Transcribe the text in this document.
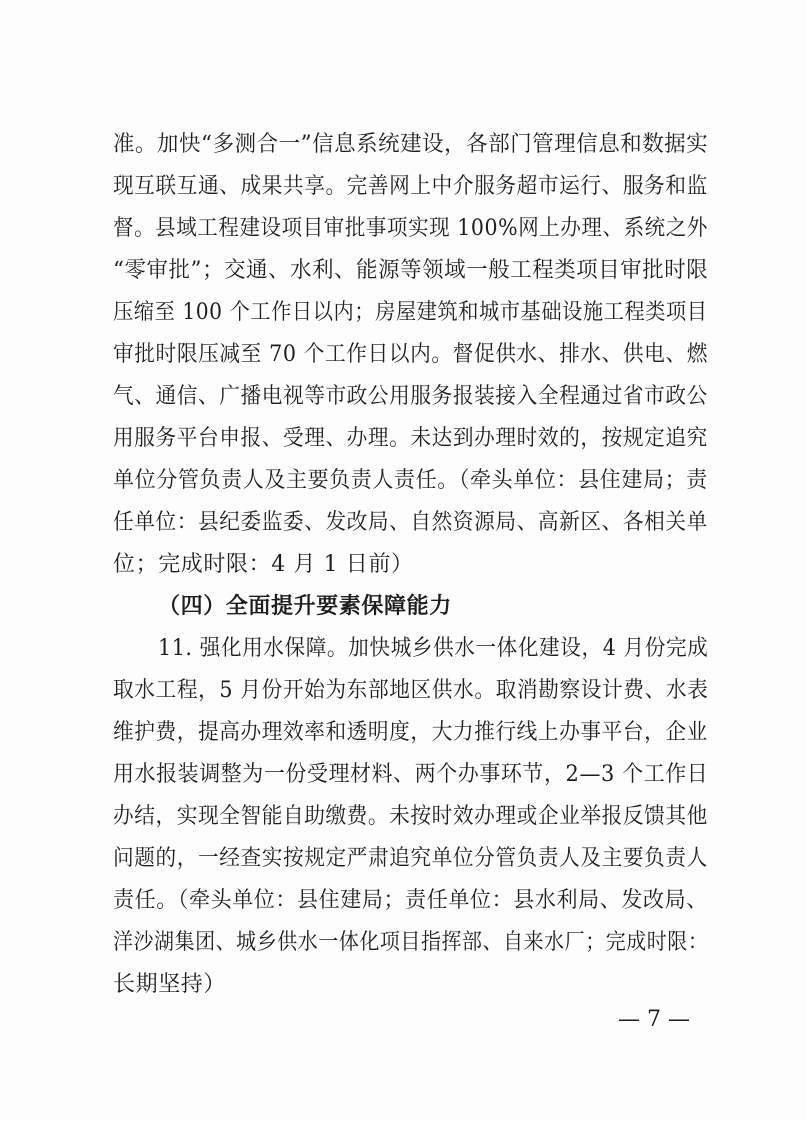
准。加快“多测合一”信息系统建设，各部门管理信息和数据实
现互联互通、成果共享。完善网上中介服务超市运行、服务和监
督。县域工程建设项目审批事项实现 100%网上办理、系统之外
“零审批”；交通、水利、能源等领域一般工程类项目审批时限
压缩至 100 个工作日以内；房屋建筑和城市基础设施工程类项目
审批时限压减至 70 个工作日以内。督促供水、排水、供电、燃
气、通信、广播电视等市政公用服务报装接入全程通过省市政公
用服务平台申报、受理、办理。未达到办理时效的，按规定追究
单位分管负责人及主要负责人责任。（牵头单位：县住建局；责
任单位：县纪委监委、发改局、自然资源局、高新区、各相关单
位；完成时限：4 月 1 日前）
（四）全面提升要素保障能力
11. 强化用水保障。加快城乡供水一体化建设，4 月份完成
取水工程，5 月份开始为东部地区供水。取消勘察设计费、水表
维护费，提高办理效率和透明度，大力推行线上办事平台，企业
用水报装调整为一份受理材料、两个办事环节，2—3 个工作日
办结，实现全智能自助缴费。未按时效办理或企业举报反馈其他
问题的，一经查实按规定严肃追究单位分管负责人及主要负责人
责任。（牵头单位：县住建局；责任单位：县水利局、发改局、
洋沙湖集团、城乡供水一体化项目指挥部、自来水厂；完成时限：
长期坚持）
— 7 —
